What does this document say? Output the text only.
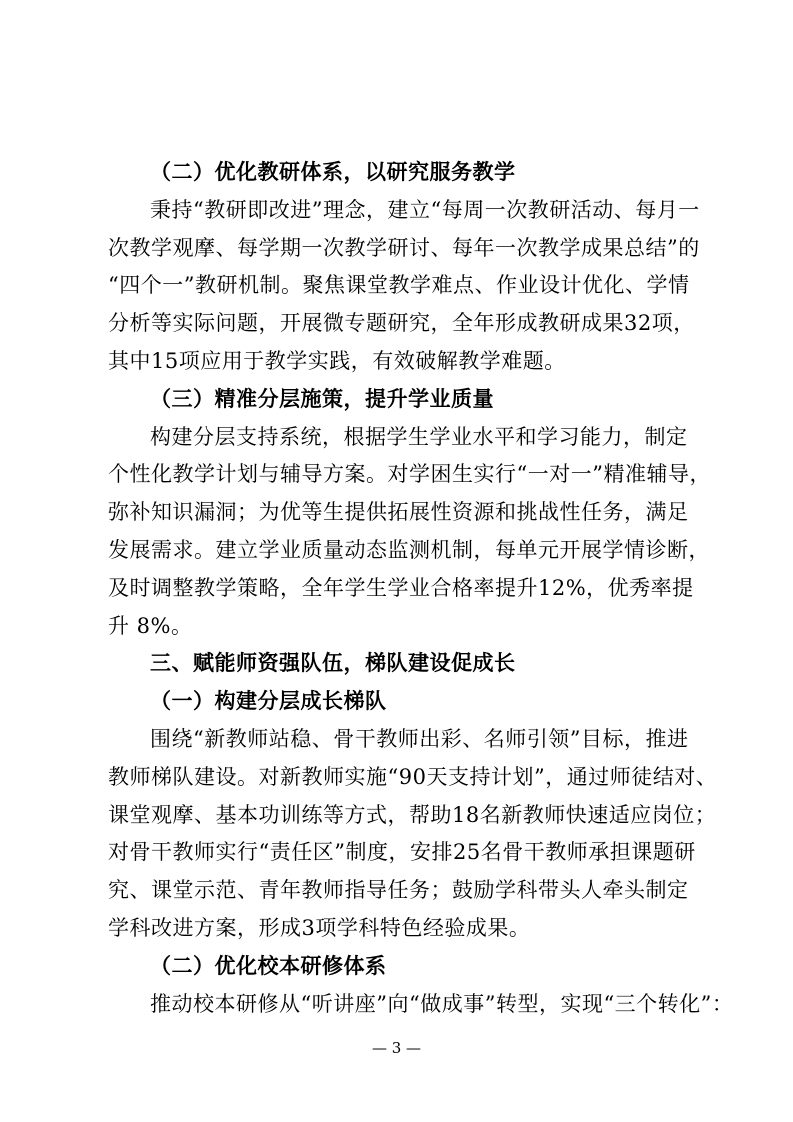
（二）优化教研体系，以研究服务教学
秉持“教研即改进”理念，建立“每周一次教研活动、每月一
次教学观摩、每学期一次教学研讨、每年一次教学成果总结”的
“四个一”教研机制。聚焦课堂教学难点、作业设计优化、学情
分析等实际问题，开展微专题研究，全年形成教研成果32项，
其中15项应用于教学实践，有效破解教学难题。
（三）精准分层施策，提升学业质量
构建分层支持系统，根据学生学业水平和学习能力，制定
个性化教学计划与辅导方案。对学困生实行“一对一”精准辅导，
弥补知识漏洞；为优等生提供拓展性资源和挑战性任务，满足
发展需求。建立学业质量动态监测机制，每单元开展学情诊断，
及时调整教学策略，全年学生学业合格率提升12%，优秀率提
升 8%。
三、赋能师资强队伍，梯队建设促成长
（一）构建分层成长梯队
围绕“新教师站稳、骨干教师出彩、名师引领”目标，推进
教师梯队建设。对新教师实施“90天支持计划”，通过师徒结对、
课堂观摩、基本功训练等方式，帮助18名新教师快速适应岗位；
对骨干教师实行“责任区”制度，安排25名骨干教师承担课题研
究、课堂示范、青年教师指导任务；鼓励学科带头人牵头制定
学科改进方案，形成3项学科特色经验成果。
（二）优化校本研修体系
推动校本研修从“听讲座”向“做成事”转型，实现“三个转化”：
— 3 —
